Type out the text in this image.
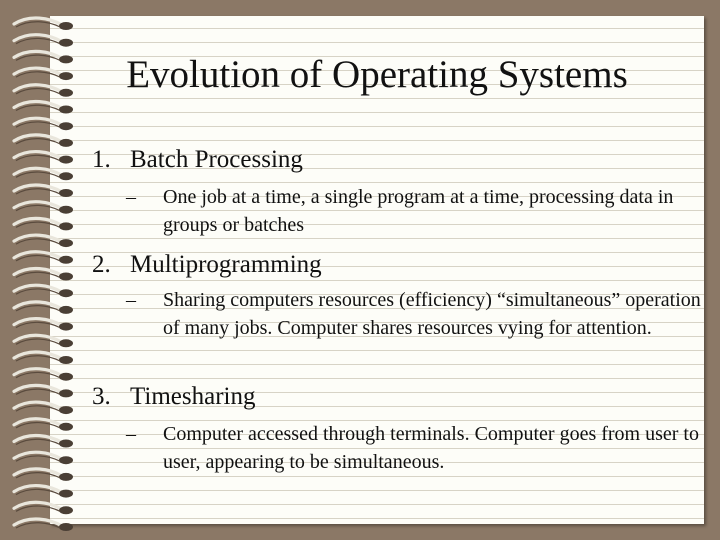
Evolution of Operating Systems
1. Batch Processing
– One job at a time, a single program at a time, processing data in groups or batches
2. Multiprogramming
– Sharing computers resources (efficiency) “simultaneous” operation of many jobs. Computer shares resources vying for attention.
3. Timesharing
– Computer accessed through terminals. Computer goes from user to user, appearing to be simultaneous.
